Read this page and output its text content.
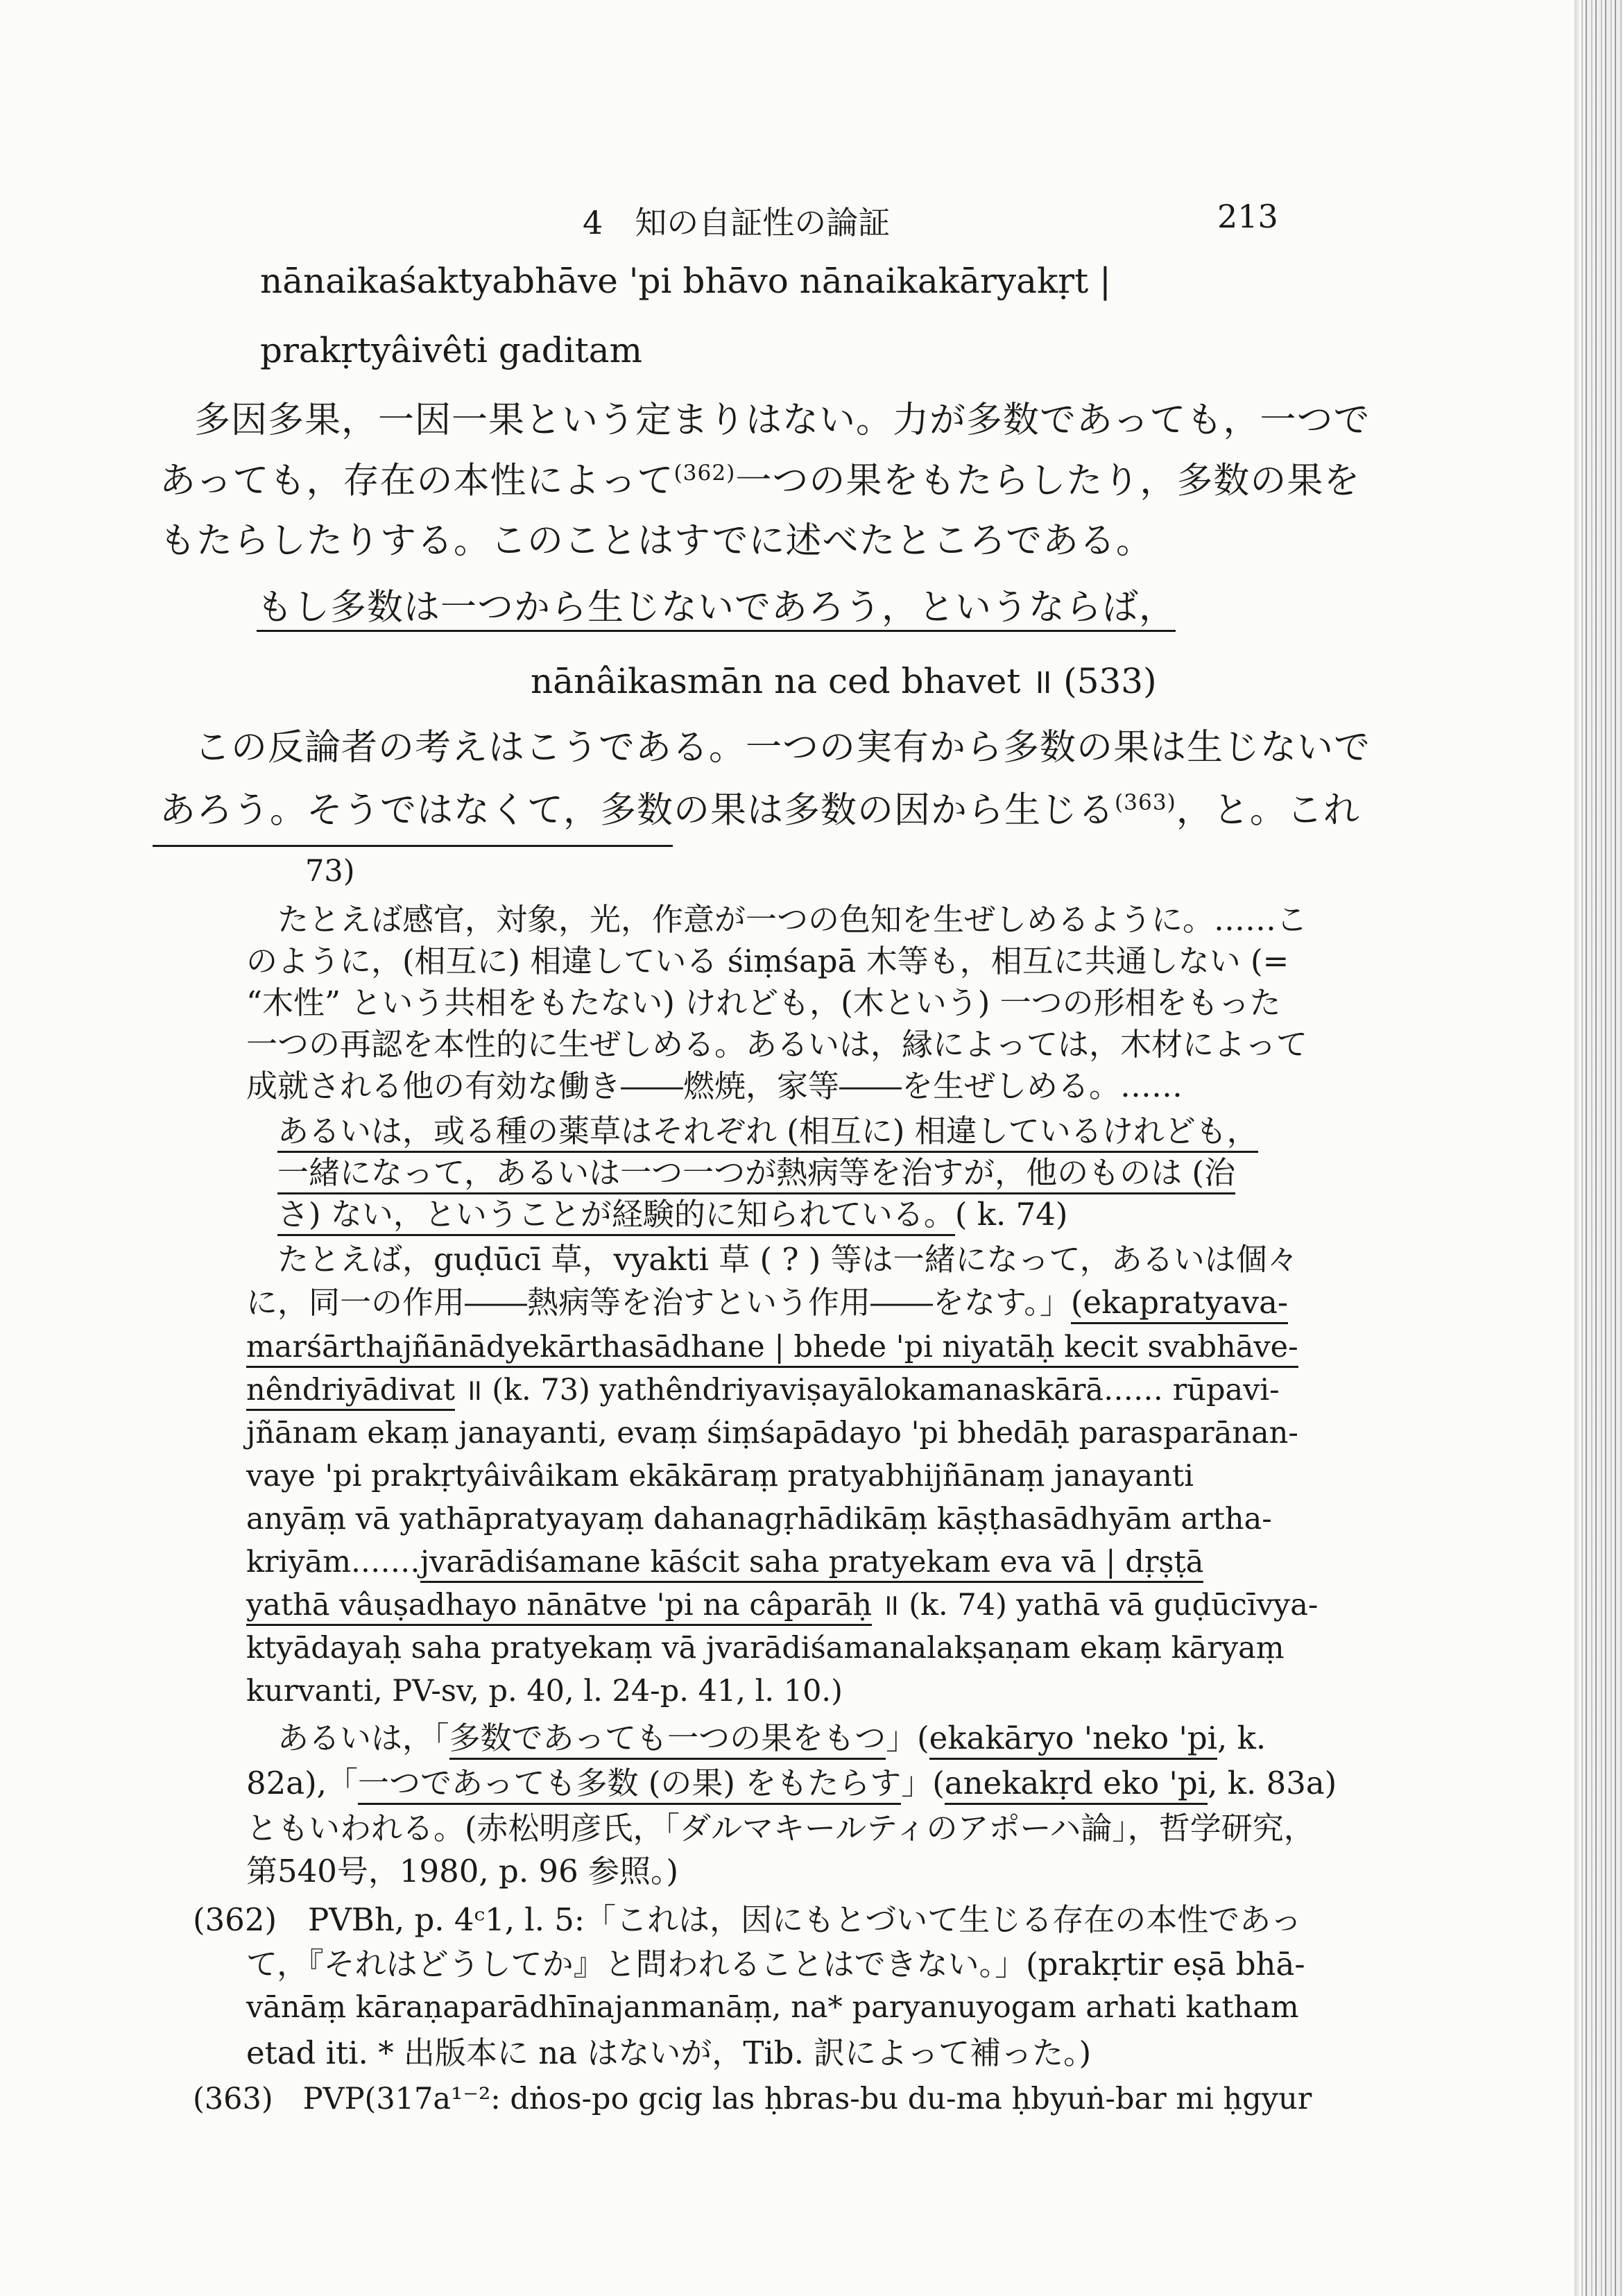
4　知の自証性の論証	213
nānaikaśaktyabhāve 'pi bhāvo nānaikakāryakṛt |
prakṛtyâivêti gaditam
多因多果，一因一果という定まりはない。力が多数であっても，一つで
あっても，存在の本性によって$^{(362)}$一つの果をもたらしたり，多数の果を
もたらしたりする。このことはすでに述べたところである。
もし多数は一つから生じないであろう，というならば，
nānâikasmān na ced bhavet ॥ (533)
この反論者の考えはこうである。一つの実有から多数の果は生じないで
あろう。そうではなくて，多数の果は多数の因から生じる$^{(363)}$，と。これ
73)
たとえば感官，対象，光，作意が一つの色知を生ぜしめるように。……こ
のように，(相互に) 相違している śiṃśapā 木等も，相互に共通しない (=
“木性” という共相をもたない) けれども，(木という) 一つの形相をもった
一つの再認を本性的に生ぜしめる。あるいは，縁によっては，木材によって
成就される他の有効な働き――燃焼，家等――を生ぜしめる。……
あるいは，或る種の薬草はそれぞれ (相互に) 相違しているけれども，
一緒になって，あるいは一つ一つが熱病等を治すが，他のものは (治
さ) ない，ということが経験的に知られている。( k. 74)
たとえば，guḍūcī 草，vyakti 草 ( ? ) 等は一緒になって，あるいは個々
に，同一の作用――熱病等を治すという作用――をなす。」(ekapratyava-
marśārthajñānādyekārthasādhane | bhede 'pi niyatāḥ kecit svabhāve-
nêndriyādivat ॥ (k. 73) yathêndriyaviṣayālokamanaskārā…… rūpavi-
jñānam ekaṃ janayanti, evaṃ śiṃśapādayo 'pi bhedāḥ parasparānan-
vaye 'pi prakṛtyâivâikam ekākāraṃ pratyabhijñānaṃ janayanti
anyāṃ vā yathāpratyayaṃ dahanagṛhādikāṃ kāṣṭhasādhyām artha-
kriyām.……jvarādiśamane kāścit saha pratyekam eva vā | dṛṣṭā
yathā vâuṣadhayo nānātve 'pi na câparāḥ ॥ (k. 74) yathā vā guḍūcīvya-
ktyādayaḥ saha pratyekaṃ vā jvarādiśamanalakṣaṇam ekaṃ kāryaṃ
kurvanti, PV-sv, p. 40, l. 24-p. 41, l. 10.)
あるいは，「多数であっても一つの果をもつ」(ekakāryo 'neko 'pi, k.
82a),「一つであっても多数 (の果) をもたらす」(anekakṛd eko 'pi, k. 83a)
ともいわれる。(赤松明彦氏，「ダルマキールティのアポーハ論」，哲学研究，
第540号，1980, p. 96 参照。)
(362)　PVBh, p. 4ᶜ1, l. 5:「これは，因にもとづいて生じる存在の本性であっ
て，『それはどうしてか』と問われることはできない。」(prakṛtir eṣā bhā-
vānāṃ kāraṇaparādhīnajanmanāṃ, na* paryanuyogam arhati katham
etad iti. * 出版本に na はないが，Tib. 訳によって補った。)
(363)　PVP(317a¹⁻²: dṅos-po gcig las ḥbras-bu du-ma ḥbyuṅ-bar mi ḥgyur
